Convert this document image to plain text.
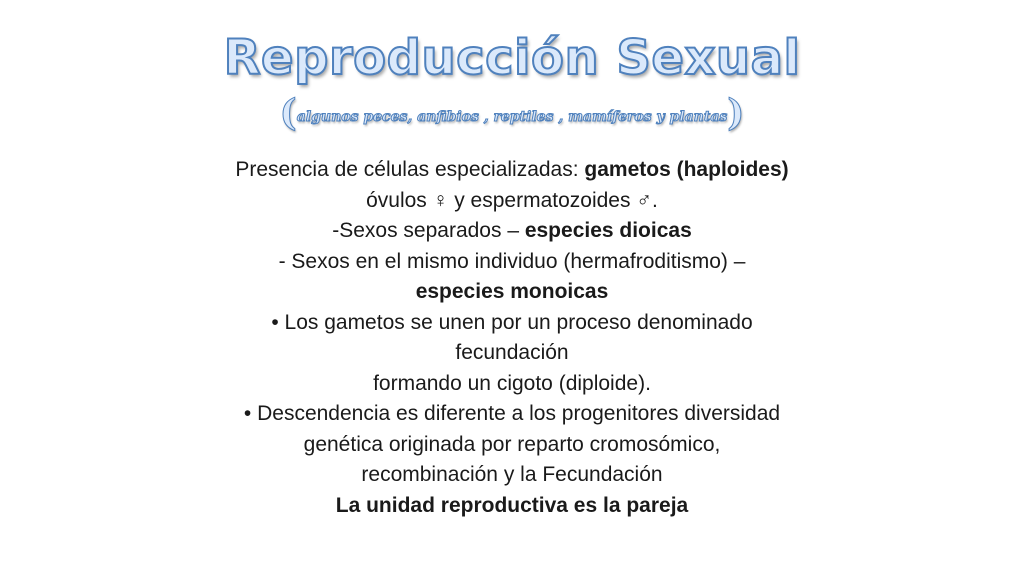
Reproducción Sexual
(algunos peces, anfibios , reptiles , mamíferos y plantas)
Presencia de células especializadas: gametos (haploides)
óvulos ♀ y espermatozoides ♂.
-Sexos separados – especies dioicas
- Sexos en el mismo individuo (hermafroditismo) –
especies monoicas
• Los gametos se unen por un proceso denominado
fecundación
formando un cigoto (diploide).
• Descendencia es diferente a los progenitores diversidad
genética originada por reparto cromosómico,
recombinación y la Fecundación
La unidad reproductiva es la pareja
